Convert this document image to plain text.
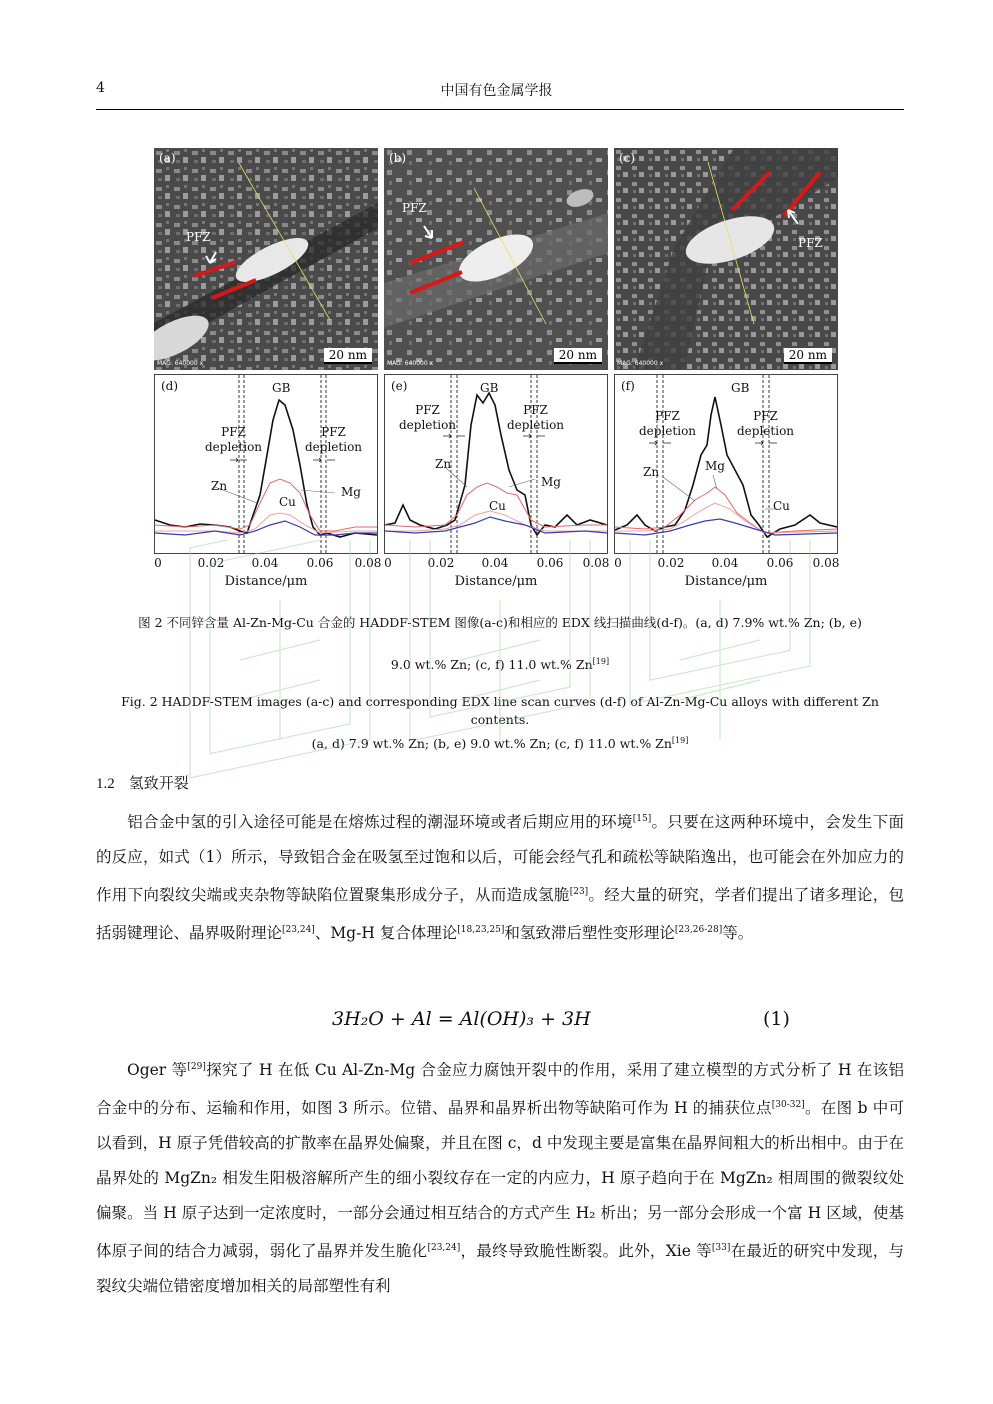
4	中国有色金属学报
(a)
PFZ
20 nm
MAG: 640000 x
(b)
PFZ
20 nm
MAG: 640000 x
(c)
PFZ
20 nm
MAG: 640000 x
(d)	GB
PFZ
depletion
PFZ
depletion
Zn	Mg
Cu
(e)	GB
PFZ
depletion
PFZ
depletion
Zn
Mg
Cu
(f)	GB
PFZ
depletion
PFZ
depletion
Zn	Mg
Cu
0	0.02 0.04 0.06 0.08 0	0.02 0.04 0.06 0.08 0	0.02 0.04 0.06 0.08
Distance/μm	Distance/μm	Distance/μm
图 2 不同锌含量 Al-Zn-Mg-Cu 合金的 HADDF-STEM 图像(a-c)和相应的 EDX 线扫描曲线(d-f)。(a, d) 7.9% wt.% Zn; (b, e)
9.0 wt.% Zn; (c, f) 11.0 wt.% Zn[19]
Fig. 2 HADDF-STEM images (a-c) and corresponding EDX line scan curves (d-f) of Al-Zn-Mg-Cu alloys with different Zn contents.
(a, d) 7.9 wt.% Zn; (b, e) 9.0 wt.% Zn; (c, f) 11.0 wt.% Zn[19]
1.2 氢致开裂
铝合金中氢的引入途径可能是在熔炼过程的潮湿环境或者后期应用的环境[15]。只要在这两种环境中，会发生下面的反应，如式（1）所示，导致铝合金在吸氢至过饱和以后，可能会经气孔和疏松等缺陷逸出，也可能会在外加应力的作用下向裂纹尖端或夹杂物等缺陷位置聚集形成分子，从而造成氢脆[23]。经大量的研究，学者们提出了诸多理论，包括弱键理论、晶界吸附理论[23,24]、Mg-H 复合体理论[18,23,25]和氢致滞后塑性变形理论[23,26-28]等。
3H₂O + Al = Al(OH)₃ + 3H	(1)
Oger 等[29]探究了 H 在低 Cu Al-Zn-Mg 合金应力腐蚀开裂中的作用，采用了建立模型的方式分析了 H 在该铝合金中的分布、运输和作用，如图 3 所示。位错、晶界和晶界析出物等缺陷可作为 H 的捕获位点[30-32]。在图 b 中可以看到，H 原子凭借较高的扩散率在晶界处偏聚，并且在图 c，d 中发现主要是富集在晶界间粗大的析出相中。由于在晶界处的 MgZn₂ 相发生阳极溶解所产生的细小裂纹存在一定的内应力，H 原子趋向于在 MgZn₂ 相周围的微裂纹处偏聚。当 H 原子达到一定浓度时，一部分会通过相互结合的方式产生 H₂ 析出；另一部分会形成一个富 H 区域，使基体原子间的结合力减弱，弱化了晶界并发生脆化[23,24]，最终导致脆性断裂。此外，Xie 等[33]在最近的研究中发现，与裂纹尖端位错密度增加相关的局部塑性有利
